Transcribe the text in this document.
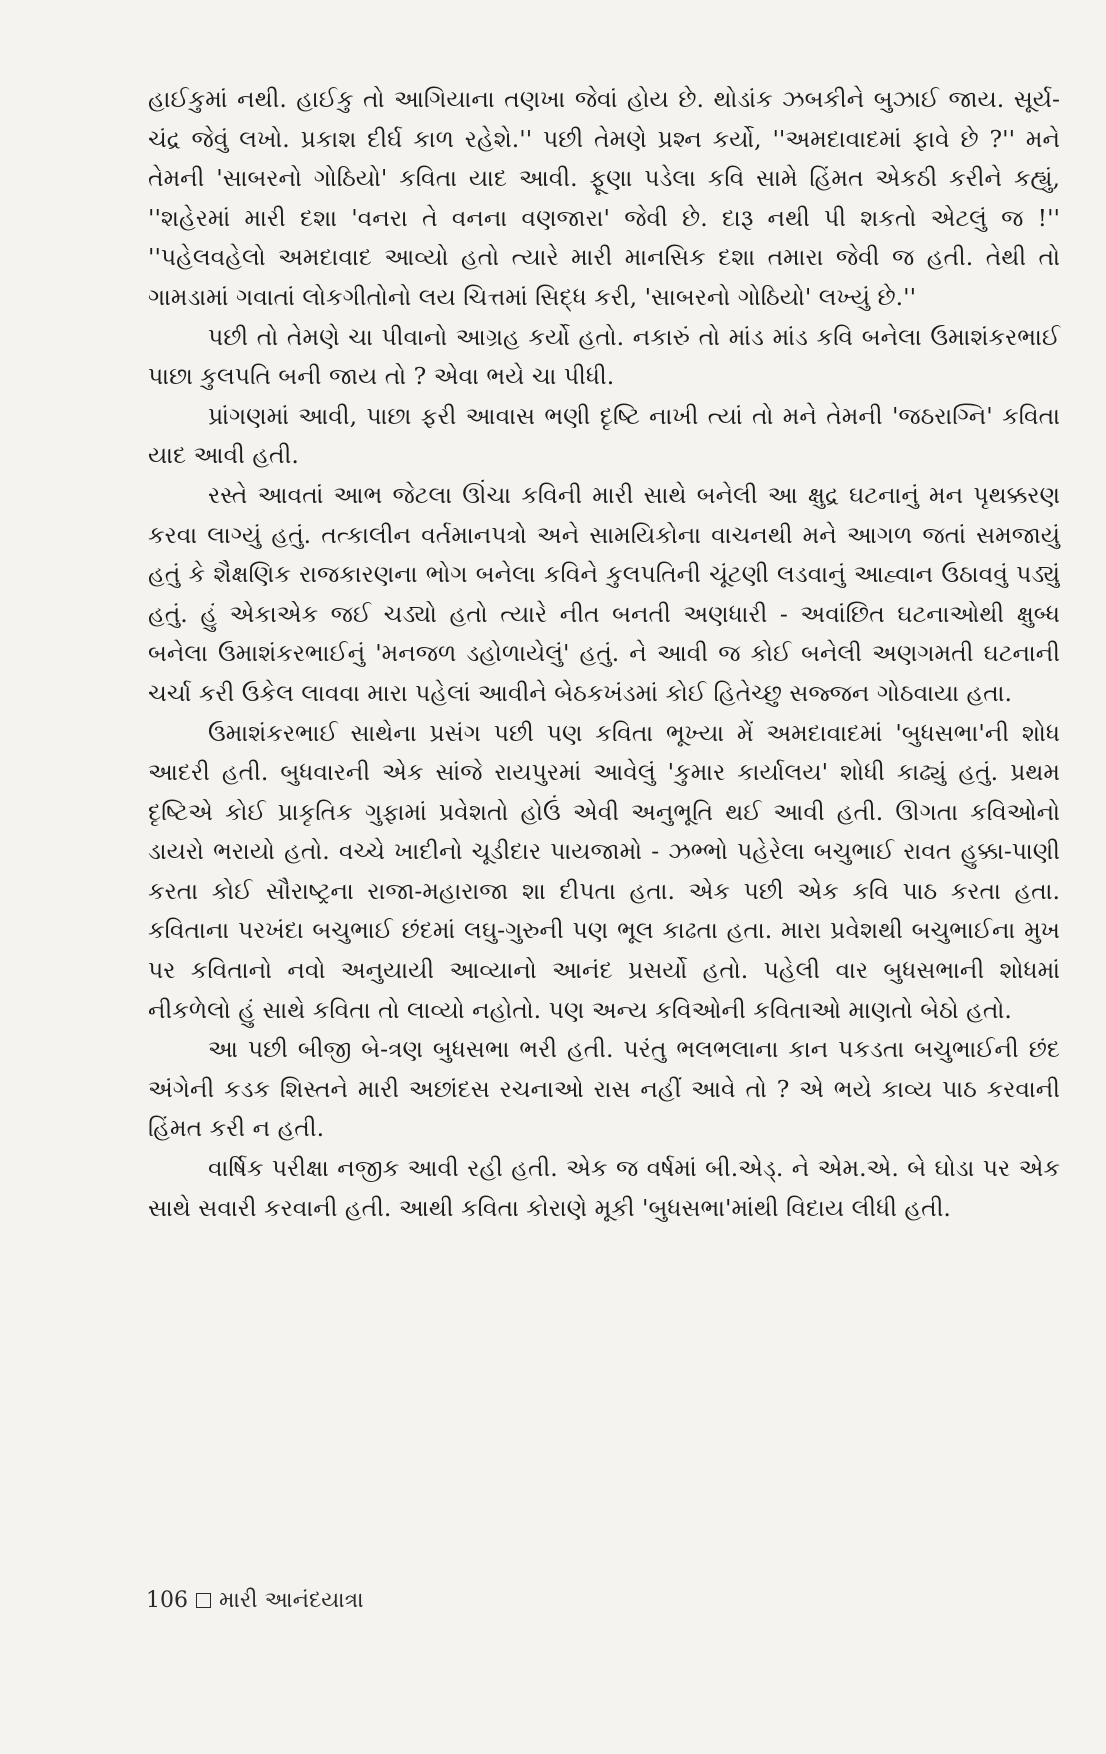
હાઈકુમાં નથી. હાઈકુ તો આગિયાના તણખા જેવાં હોય છે. થોડાંક ઝબકીને બુઝાઈ જાય. સૂર્ય-ચંદ્ર જેવું લખો. પ્રકાશ દીર્ઘ કાળ રહેશે.'' પછી તેમણે પ્રશ્ન કર્યો, ''અમદાવાદમાં ફાવે છે ?'' મને તેમની 'સાબરનો ગોઠિયો' કવિતા યાદ આવી. ફૂણા પડેલા કવિ સામે હિંમત એકઠી કરીને કહ્યું, ''શહેરમાં મારી દશા 'વનરા તે વનના વણજારા' જેવી છે. દારૂ નથી પી શકતો એટલું જ !'' ''પહેલવહેલો અમદાવાદ આવ્યો હતો ત્યારે મારી માનસિક દશા તમારા જેવી જ હતી. તેથી તો ગામડામાં ગવાતાં લોકગીતોનો લય ચિત્તમાં સિદ્ધ કરી, 'સાબરનો ગોઠિયો' લખ્યું છે.''

પછી તો તેમણે ચા પીવાનો આગ્રહ કર્યો હતો. નકારું તો માંડ માંડ કવિ બનેલા ઉમાશંકરભાઈ પાછા કુલપતિ બની જાય તો ? એવા ભયે ચા પીધી.

પ્રાંગણમાં આવી, પાછા ફરી આવાસ ભણી દૃષ્ટિ નાખી ત્યાં તો મને તેમની 'જઠરાગ્નિ' કવિતા યાદ આવી હતી.

રસ્તે આવતાં આભ જેટલા ઊંચા કવિની મારી સાથે બનેલી આ ક્ષુદ્ર ઘટનાનું મન પૃથક્કરણ કરવા લાગ્યું હતું. તત્કાલીન વર્તમાનપત્રો અને સામયિકોના વાચનથી મને આગળ જતાં સમજાયું હતું કે શૈક્ષણિક રાજકારણના ભોગ બનેલા કવિને કુલપતિની ચૂંટણી લડવાનું આહ્વાન ઉઠાવવું પડ્યું હતું. હું એકાએક જઈ ચડ્યો હતો ત્યારે નીત બનતી અણધારી - અવાંછિત ઘટનાઓથી ક્ષુબ્ધ બનેલા ઉમાશંકરભાઈનું 'મનજળ ડહોળાયેલું' હતું. ને આવી જ કોઈ બનેલી અણગમતી ઘટનાની ચર્ચા કરી ઉકેલ લાવવા મારા પહેલાં આવીને બેઠકખંડમાં કોઈ હિતેચ્છુ સજ્જન ગોઠવાયા હતા.

ઉમાશંકરભાઈ સાથેના પ્રસંગ પછી પણ કવિતા ભૂખ્યા મેં અમદાવાદમાં 'બુધસભા'ની શોધ આદરી હતી. બુધવારની એક સાંજે રાયપુરમાં આવેલું 'કુમાર કાર્યાલય' શોધી કાઢ્યું હતું. પ્રથમ દૃષ્ટિએ કોઈ પ્રાકૃતિક ગુફામાં પ્રવેશતો હોઉં એવી અનુભૂતિ થઈ આવી હતી. ઊગતા કવિઓનો ડાયરો ભરાયો હતો. વચ્ચે ખાદીનો ચૂડીદાર પાયજામો - ઝભ્ભો પહેરેલા બચુભાઈ રાવત હુક્કા-પાણી કરતા કોઈ સૌરાષ્ટ્રના રાજા-મહારાજા શા દીપતા હતા. એક પછી એક કવિ પાઠ કરતા હતા. કવિતાના પરખંદા બચુભાઈ છંદમાં લઘુ-ગુરુની પણ ભૂલ કાઢતા હતા. મારા પ્રવેશથી બચુભાઈના મુખ પર કવિતાનો નવો અનુયાયી આવ્યાનો આનંદ પ્રસર્યો હતો. પહેલી વાર બુધસભાની શોધમાં નીકળેલો હું સાથે કવિતા તો લાવ્યો નહોતો. પણ અન્ય કવિઓની કવિતાઓ માણતો બેઠો હતો.

આ પછી બીજી બે-ત્રણ બુધસભા ભરી હતી. પરંતુ ભલભલાના કાન પકડતા બચુભાઈની છંદ અંગેની કડક શિસ્તને મારી અછાંદસ રચનાઓ રાસ નહીં આવે તો ? એ ભયે કાવ્ય પાઠ કરવાની હિંમત કરી ન હતી.

વાર્ષિક પરીક્ષા નજીક આવી રહી હતી. એક જ વર્ષમાં બી.એડ્. ને એમ.એ. બે ઘોડા પર એક સાથે સવારી કરવાની હતી. આથી કવિતા કોરાણે મૂકી 'બુધસભા'માંથી વિદાય લીધી હતી.

106 મારી આનંદયાત્રા
